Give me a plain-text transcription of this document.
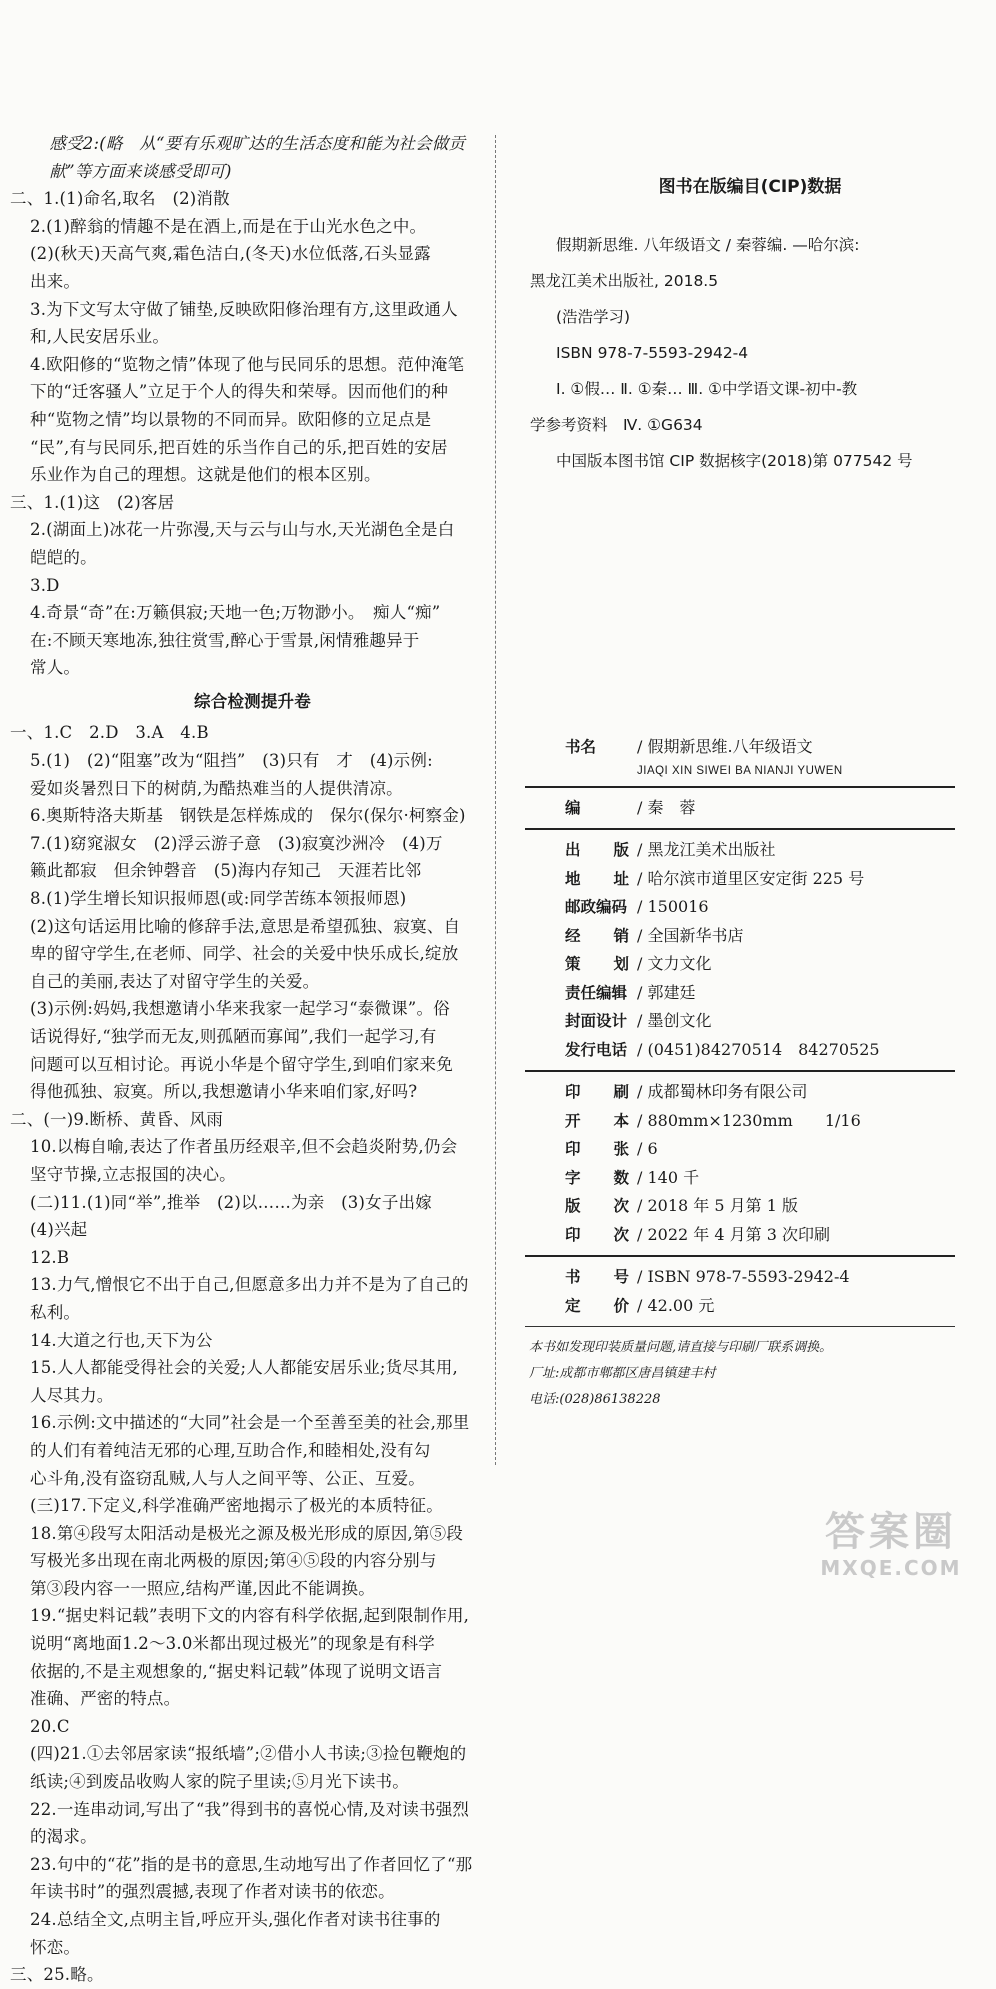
　　感受2:(略　从“要有乐观旷达的生活态度和能为社会做贡
　　献”等方面来谈感受即可)
二、1.(1)命名,取名　(2)消散
2.(1)醉翁的情趣不是在酒上,而是在于山光水色之中。
(2)(秋天)天高气爽,霜色洁白,(冬天)水位低落,石头显露
出来。
3.为下文写太守做了铺垫,反映欧阳修治理有方,这里政通人
和,人民安居乐业。
4.欧阳修的“览物之情”体现了他与民同乐的思想。范仲淹笔
下的“迁客骚人”立足于个人的得失和荣辱。因而他们的种
种“览物之情”均以景物的不同而异。欧阳修的立足点是
“民”,有与民同乐,把百姓的乐当作自己的乐,把百姓的安居
乐业作为自己的理想。这就是他们的根本区别。
三、1.(1)这　(2)客居
2.(湖面上)冰花一片弥漫,天与云与山与水,天光湖色全是白
皑皑的。
3.D
4.奇景“奇”在:万籁俱寂;天地一色;万物渺小。　痴人“痴”
在:不顾天寒地冻,独往赏雪,醉心于雪景,闲情雅趣异于
常人。
综合检测提升卷
一、1.C　2.D　3.A　4.B
5.(1)　(2)“阻塞”改为“阻挡”　(3)只有　才　(4)示例:
爱如炎暑烈日下的树荫,为酷热难当的人提供清凉。
6.奥斯特洛夫斯基　钢铁是怎样炼成的　保尔(保尔·柯察金)
7.(1)窈窕淑女　(2)浮云游子意　(3)寂寞沙洲冷　(4)万
籁此都寂　但余钟磬音　(5)海内存知己　天涯若比邻
8.(1)学生增长知识报师恩(或:同学苦练本领报师恩)
(2)这句话运用比喻的修辞手法,意思是希望孤独、寂寞、自
卑的留守学生,在老师、同学、社会的关爱中快乐成长,绽放
自己的美丽,表达了对留守学生的关爱。
(3)示例:妈妈,我想邀请小华来我家一起学习“泰微课”。俗
话说得好,“独学而无友,则孤陋而寡闻”,我们一起学习,有
问题可以互相讨论。再说小华是个留守学生,到咱们家来免
得他孤独、寂寞。所以,我想邀请小华来咱们家,好吗?
二、(一)9.断桥、黄昏、风雨
10.以梅自喻,表达了作者虽历经艰辛,但不会趋炎附势,仍会
坚守节操,立志报国的决心。
(二)11.(1)同“举”,推举　(2)以……为亲　(3)女子出嫁
(4)兴起
12.B
13.力气,憎恨它不出于自己,但愿意多出力并不是为了自己的
私利。
14.大道之行也,天下为公
15.人人都能受得社会的关爱;人人都能安居乐业;货尽其用,
人尽其力。
16.示例:文中描述的“大同”社会是一个至善至美的社会,那里
的人们有着纯洁无邪的心理,互助合作,和睦相处,没有勾
心斗角,没有盗窃乱贼,人与人之间平等、公正、互爱。
(三)17.下定义,科学准确严密地揭示了极光的本质特征。
18.第④段写太阳活动是极光之源及极光形成的原因,第⑤段
写极光多出现在南北两极的原因;第④⑤段的内容分别与
第③段内容一一照应,结构严谨,因此不能调换。
19.“据史料记载”表明下文的内容有科学依据,起到限制作用,
说明“离地面1.2～3.0米都出现过极光”的现象是有科学
依据的,不是主观想象的,“据史料记载”体现了说明文语言
准确、严密的特点。
20.C
(四)21.①去邻居家读“报纸墙”;②借小人书读;③捡包鞭炮的
纸读;④到废品收购人家的院子里读;⑤月光下读书。
22.一连串动词,写出了“我”得到书的喜悦心情,及对读书强烈
的渴求。
23.句中的“花”指的是书的意思,生动地写出了作者回忆了“那
年读书时”的强烈震撼,表现了作者对读书的依恋。
24.总结全文,点明主旨,呼应开头,强化作者对读书往事的
怀恋。
三、25.略。
图书在版编目(CIP)数据
假期新思维. 八年级语文 / 秦蓉编. —哈尔滨:
黑龙江美术出版社, 2018.5
(浩浩学习)
ISBN 978-7-5593-2942-4
Ⅰ. ①假… Ⅱ. ①秦… Ⅲ. ①中学语文课-初中-教
学参考资料　Ⅳ. ①G634
中国版本图书馆 CIP 数据核字(2018)第 077542 号
书名	/ 假期新思维.八年级语文
JIAQI XIN SIWEI BA NIANJI YUWEN
编	/ 秦　蓉
出 版 / 黑龙江美术出版社
地 址 / 哈尔滨市道里区安定街 225 号
邮政编码 / 150016
经 销 / 全国新华书店
策 划 / 文力文化
责任编辑 / 郭建廷
封面设计 / 墨创文化
发行电话 / (0451)84270514　84270525
印 刷 / 成都蜀林印务有限公司
开 本 / 880mm×1230mm　　1/16
印 张 / 6
字 数 / 140 千
版 次 / 2018 年 5 月第 1 版
印 次 / 2022 年 4 月第 3 次印刷
书 号 / ISBN 978-7-5593-2942-4
定 价 / 42.00 元
本书如发现印装质量问题,请直接与印刷厂联系调换。
厂址:成都市郫都区唐昌镇建丰村
电话:(028)86138228
答案圈
MXQE.COM
